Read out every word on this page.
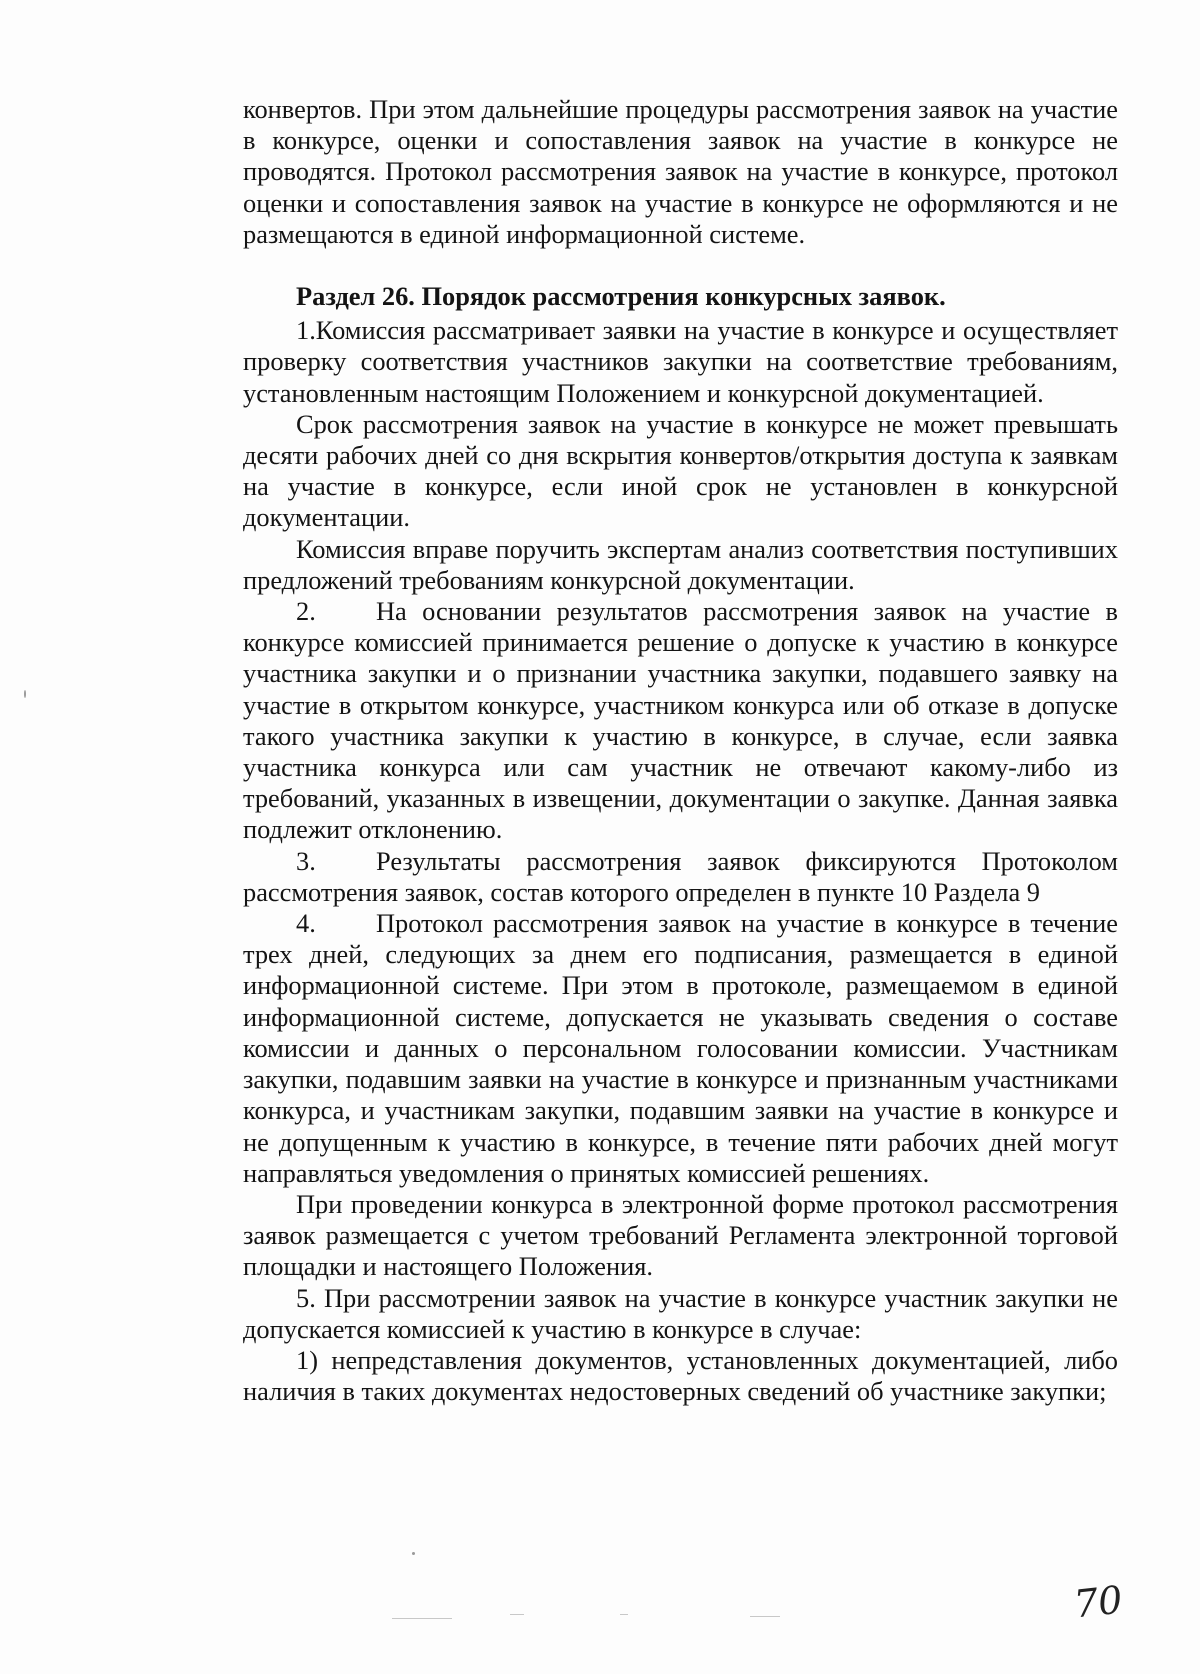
конвертов. При этом дальнейшие процедуры рассмотрения заявок на участие в конкурсе, оценки и сопоставления заявок на участие в конкурсе не проводятся. Протокол рассмотрения заявок на участие в конкурсе, протокол оценки и сопоставления заявок на участие в конкурсе не оформляются и не размещаются в единой информационной системе.

Раздел 26. Порядок рассмотрения конкурсных заявок.

1.Комиссия рассматривает заявки на участие в конкурсе и осуществляет проверку соответствия участников закупки на соответствие требованиям, установленным настоящим Положением и конкурсной документацией.

Срок рассмотрения заявок на участие в конкурсе не может превышать десяти рабочих дней со дня вскрытия конвертов/открытия доступа к заявкам на участие в конкурсе, если иной срок не установлен в конкурсной документации.

Комиссия вправе поручить экспертам анализ соответствия поступивших предложений требованиям конкурсной документации.

2. На основании результатов рассмотрения заявок на участие в конкурсе комиссией принимается решение о допуске к участию в конкурсе участника закупки и о признании участника закупки, подавшего заявку на участие в открытом конкурсе, участником конкурса или об отказе в допуске такого участника закупки к участию в конкурсе, в случае, если заявка участника конкурса или сам участник не отвечают какому-либо из требований, указанных в извещении, документации о закупке. Данная заявка подлежит отклонению.

3. Результаты рассмотрения заявок фиксируются Протоколом рассмотрения заявок, состав которого определен в пункте 10 Раздела 9

4. Протокол рассмотрения заявок на участие в конкурсе в течение трех дней, следующих за днем его подписания, размещается в единой информационной системе. При этом в протоколе, размещаемом в единой информационной системе, допускается не указывать сведения о составе комиссии и данных о персональном голосовании комиссии. Участникам закупки, подавшим заявки на участие в конкурсе и признанным участниками конкурса, и участникам закупки, подавшим заявки на участие в конкурсе и не допущенным к участию в конкурсе, в течение пяти рабочих дней могут направляться уведомления о принятых комиссией решениях.

При проведении конкурса в электронной форме протокол рассмотрения заявок размещается с учетом требований Регламента электронной торговой площадки и настоящего Положения.

5. При рассмотрении заявок на участие в конкурсе участник закупки не допускается комиссией к участию в конкурсе в случае:

1) непредставления документов, установленных документацией, либо наличия в таких документах недостоверных сведений об участнике закупки;

70
